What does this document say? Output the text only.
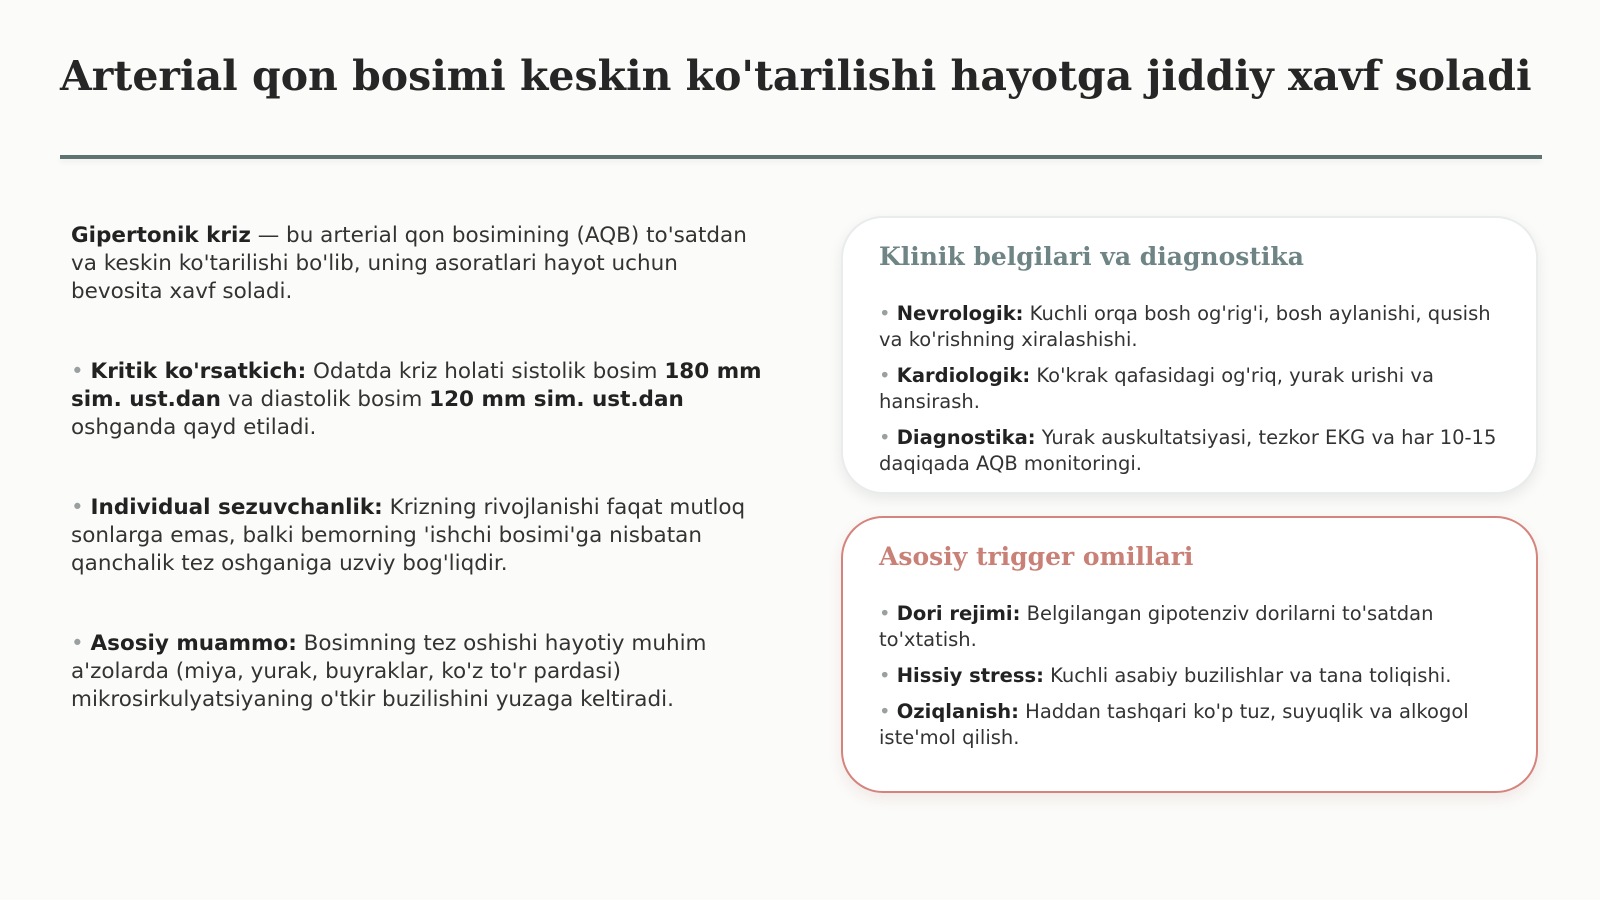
Arterial qon bosimi keskin ko'tarilishi hayotga jiddiy xavf soladi

Gipertonik kriz — bu arterial qon bosimining (AQB) to'satdan va keskin ko'tarilishi bo'lib, uning asoratlari hayot uchun bevosita xavf soladi.

• Kritik ko'rsatkich: Odatda kriz holati sistolik bosim 180 mm sim. ust.dan va diastolik bosim 120 mm sim. ust.dan oshganda qayd etiladi.

• Individual sezuvchanlik: Krizning rivojlanishi faqat mutloq sonlarga emas, balki bemorning 'ishchi bosimi'ga nisbatan qanchalik tez oshganiga uzviy bog'liqdir.

• Asosiy muammo: Bosimning tez oshishi hayotiy muhim a'zolarda (miya, yurak, buyraklar, ko'z to'r pardasi) mikrosirkulyatsiyaning o'tkir buzilishini yuzaga keltiradi.

Klinik belgilari va diagnostika
• Nevrologik: Kuchli orqa bosh og'rig'i, bosh aylanishi, qusish va ko'rishning xiralashishi.
• Kardiologik: Ko'krak qafasidagi og'riq, yurak urishi va hansirash.
• Diagnostika: Yurak auskultatsiyasi, tezkor EKG va har 10-15 daqiqada AQB monitoringi.
Asosiy trigger omillari
• Dori rejimi: Belgilangan gipotenziv dorilarni to'satdan to'xtatish.
• Hissiy stress: Kuchli asabiy buzilishlar va tana toliqishi.
• Oziqlanish: Haddan tashqari ko'p tuz, suyuqlik va alkogol iste'mol qilish.
